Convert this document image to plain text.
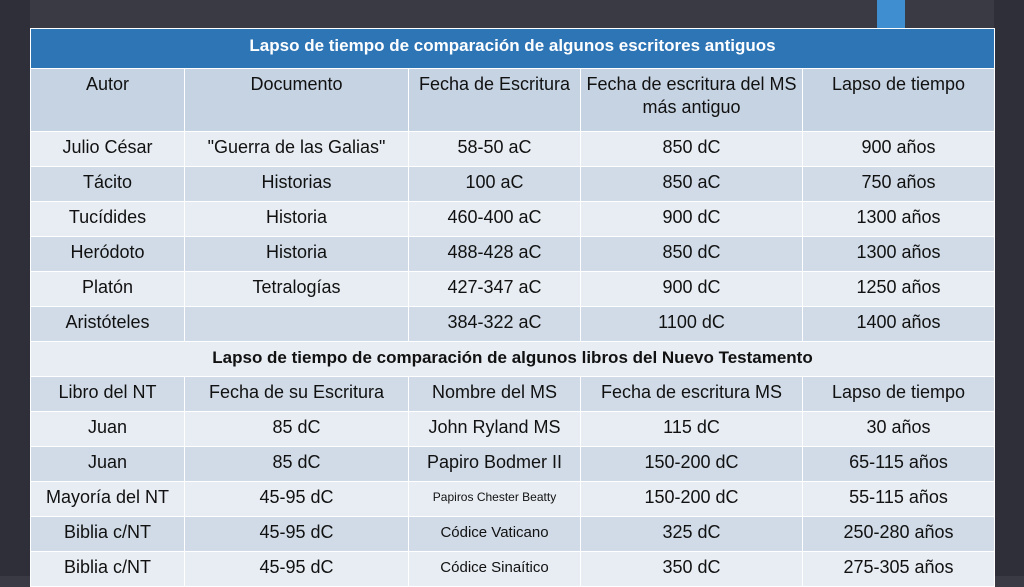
Lapso de tiempo de comparación de algunos escritores antiguos				
Autor	Documento	Fecha de Escritura	Fecha de escritura del MS más antiguo	Lapso de tiempo
Julio César	"Guerra de las Galias"	58-50 aC	850 dC	900 años
Tácito	Historias	100 aC	850 aC	750 años
Tucídides	Historia	460-400 aC	900 dC	1300 años
Heródoto	Historia	488-428 aC	850 dC	1300 años
Platón	Tetralogías	427-347 aC	900 dC	1250 años
Aristóteles		384-322 aC	1100 dC	1400 años
Lapso de tiempo de comparación de algunos libros del Nuevo Testamento				
Libro del NT	Fecha de su Escritura	Nombre del MS	Fecha de escritura MS	Lapso de tiempo
Juan	85 dC	John Ryland MS	115 dC	30 años
Juan	85 dC	Papiro Bodmer II	150-200 dC	65-115 años
Mayoría del NT	45-95 dC	Papiros Chester Beatty	150-200 dC	55-115 años
Biblia c/NT	45-95 dC	Códice Vaticano	325 dC	250-280 años
Biblia c/NT	45-95 dC	Códice Sinaítico	350 dC	275-305 años
